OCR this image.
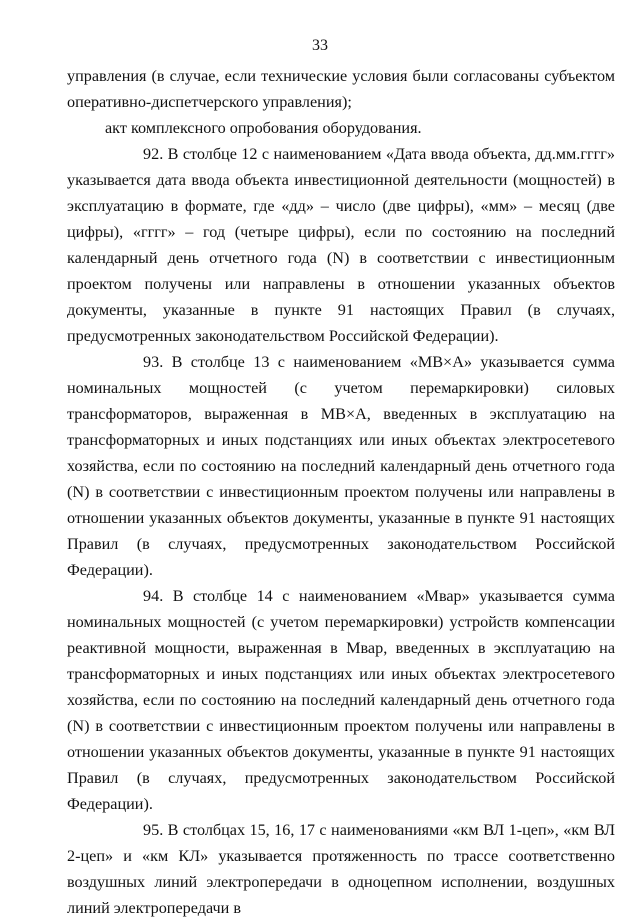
33

управления (в случае, если технические условия были согласованы субъектом оперативно-диспетчерского управления);

акт комплексного опробования оборудования.

92. В столбце 12 с наименованием «Дата ввода объекта, дд.мм.гггг» указывается дата ввода объекта инвестиционной деятельности (мощностей) в эксплуатацию в формате, где «дд» – число (две цифры), «мм» – месяц (две цифры), «гггг» – год (четыре цифры), если по состоянию на последний календарный день отчетного года (N) в соответствии с инвестиционным проектом получены или направлены в отношении указанных объектов документы, указанные в пункте 91 настоящих Правил (в случаях, предусмотренных законодательством Российской Федерации).

93. В столбце 13 с наименованием «МВ×А» указывается сумма номинальных мощностей (с учетом перемаркировки) силовых трансформаторов, выраженная в МВ×А, введенных в эксплуатацию на трансформаторных и иных подстанциях или иных объектах электросетевого хозяйства, если по состоянию на последний календарный день отчетного года (N) в соответствии с инвестиционным проектом получены или направлены в отношении указанных объектов документы, указанные в пункте 91 настоящих Правил (в случаях, предусмотренных законодательством Российской Федерации).

94. В столбце 14 с наименованием «Мвар» указывается сумма номинальных мощностей (с учетом перемаркировки) устройств компенсации реактивной мощности, выраженная в Мвар, введенных в эксплуатацию на трансформаторных и иных подстанциях или иных объектах электросетевого хозяйства, если по состоянию на последний календарный день отчетного года (N) в соответствии с инвестиционным проектом получены или направлены в отношении указанных объектов документы, указанные в пункте 91 настоящих Правил (в случаях, предусмотренных законодательством Российской Федерации).

95. В столбцах 15, 16, 17 с наименованиями «км ВЛ 1-цеп», «км ВЛ 2-цеп» и «км КЛ» указывается протяженность по трассе соответственно воздушных линий электропередачи в одноцепном исполнении, воздушных линий электропередачи в
